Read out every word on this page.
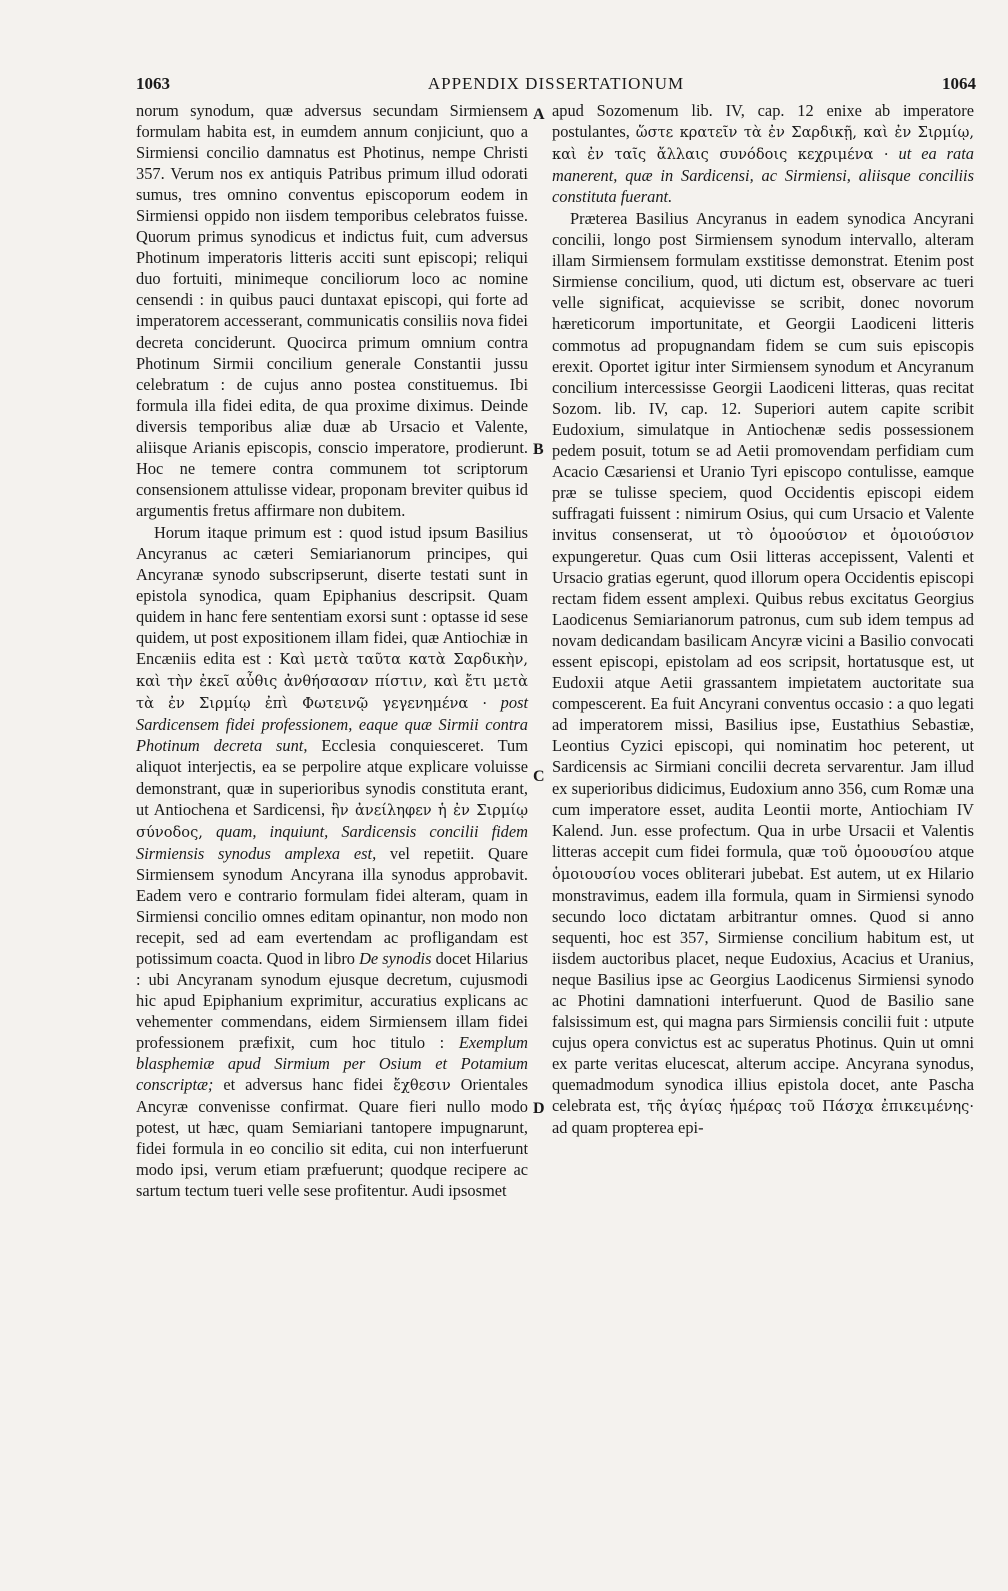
1063	APPENDIX DISSERTATIONUM	1064
A
B
C
D

norum synodum, quæ adversus secundam Sirmiensem formulam habita est, in eumdem annum conjiciunt, quo a Sirmiensi concilio damnatus est Photinus, nempe Christi 357. Verum nos ex antiquis Patribus primum illud odorati sumus, tres omnino conventus episcoporum eodem in Sirmiensi oppido non iisdem temporibus celebratos fuisse. Quorum primus synodicus et indictus fuit, cum adversus Photinum imperatoris litteris acciti sunt episcopi; reliqui duo fortuiti, minimeque conciliorum loco ac nomine censendi : in quibus pauci duntaxat episcopi, qui forte ad imperatorem accesserant, communicatis consiliis nova fidei decreta conciderunt. Quocirca primum omnium contra Photinum Sirmii concilium generale Constantii jussu celebratum : de cujus anno postea constituemus. Ibi formula illa fidei edita, de qua proxime diximus. Deinde diversis temporibus aliæ duæ ab Ursacio et Valente, aliisque Arianis episcopis, conscio imperatore, prodierunt. Hoc ne temere contra communem tot scriptorum consensionem attulisse videar, proponam breviter quibus id argumentis fretus affirmare non dubitem.

Horum itaque primum est : quod istud ipsum Basilius Ancyranus ac cæteri Semiarianorum principes, qui Ancyranæ synodo subscripserunt, diserte testati sunt in epistola synodica, quam Epiphanius descripsit. Quam quidem in hanc fere sententiam exorsi sunt : optasse id sese quidem, ut post expositionem illam fidei, quæ Antiochiæ in Encæniis edita est : Καὶ μετὰ ταῦτα κατὰ Σαρδικὴν, καὶ τὴν ἐκεῖ αὖθις ἀνθήσασαν πίστιν, καὶ ἔτι μετὰ τὰ ἐν Σιρμίῳ ἐπὶ Φωτεινῷ γεγενημένα · post Sardicensem fidei professionem, eaque quæ Sirmii contra Photinum decreta sunt, Ecclesia conquiesceret. Tum aliquot interjectis, ea se perpolire atque explicare voluisse demonstrant, quæ in superioribus synodis constituta erant, ut Antiochena et Sardicensi, ἣν ἀνείληφεν ἡ ἐν Σιρμίῳ σύνοδος, quam, inquiunt, Sardicensis concilii fidem Sirmiensis synodus amplexa est, vel repetiit. Quare Sirmiensem synodum Ancyrana illa synodus approbavit. Eadem vero e contrario formulam fidei alteram, quam in Sirmiensi concilio omnes editam opinantur, non modo non recepit, sed ad eam evertendam ac profligandam est potissimum coacta. Quod in libro De synodis docet Hilarius : ubi Ancyranam synodum ejusque decretum, cujusmodi hic apud Epiphanium exprimitur, accuratius explicans ac vehementer commendans, eidem Sirmiensem illam fidei professionem præfixit, cum hoc titulo : Exemplum blasphemiæ apud Sirmium per Osium et Potamium conscriptæ; et adversus hanc fidei ἔχθεσιν Orientales Ancyræ convenisse confirmat. Quare fieri nullo modo potest, ut hæc, quam Semiariani tantopere impugnarunt, fidei formula in eo concilio sit edita, cui non interfuerunt modo ipsi, verum etiam præfuerunt; quodque recipere ac sartum tectum tueri velle sese profitentur. Audi ipsosmet

apud Sozomenum lib. IV, cap. 12 enixe ab imperatore postulantes, ὥστε κρατεῖν τὰ ἐν Σαρδικῇ, καὶ ἐν Σιρμίῳ, καὶ ἐν ταῖς ἄλλαις συνόδοις κεχριμένα · ut ea rata manerent, quæ in Sardicensi, ac Sirmiensi, aliisque conciliis constituta fuerant.

Præterea Basilius Ancyranus in eadem synodica Ancyrani concilii, longo post Sirmiensem synodum intervallo, alteram illam Sirmiensem formulam exstitisse demonstrat. Etenim post Sirmiense concilium, quod, uti dictum est, observare ac tueri velle significat, acquievisse se scribit, donec novorum hæreticorum importunitate, et Georgii Laodiceni litteris commotus ad propugnandam fidem se cum suis episcopis erexit. Oportet igitur inter Sirmiensem synodum et Ancyranum concilium intercessisse Georgii Laodiceni litteras, quas recitat Sozom. lib. IV, cap. 12. Superiori autem capite scribit Eudoxium, simulatque in Antiochenæ sedis possessionem pedem posuit, totum se ad Aetii promovendam perfidiam cum Acacio Cæsariensi et Uranio Tyri episcopo contulisse, eamque præ se tulisse speciem, quod Occidentis episcopi eidem suffragati fuissent : nimirum Osius, qui cum Ursacio et Valente invitus consenserat, ut τὸ ὁμοούσιον et ὁμοιούσιον expungeretur. Quas cum Osii litteras accepissent, Valenti et Ursacio gratias egerunt, quod illorum opera Occidentis episcopi rectam fidem essent amplexi. Quibus rebus excitatus Georgius Laodicenus Semiarianorum patronus, cum sub idem tempus ad novam dedicandam basilicam Ancyræ vicini a Basilio convocati essent episcopi, epistolam ad eos scripsit, hortatusque est, ut Eudoxii atque Aetii grassantem impietatem auctoritate sua compescerent. Ea fuit Ancyrani conventus occasio : a quo legati ad imperatorem missi, Basilius ipse, Eustathius Sebastiæ, Leontius Cyzici episcopi, qui nominatim hoc peterent, ut Sardicensis ac Sirmiani concilii decreta servarentur. Jam illud ex superioribus didicimus, Eudoxium anno 356, cum Romæ una cum imperatore esset, audita Leontii morte, Antiochiam IV Kalend. Jun. esse profectum. Qua in urbe Ursacii et Valentis litteras accepit cum fidei formula, quæ τοῦ ὁμοουσίου atque ὁμοιουσίου voces obliterari jubebat. Est autem, ut ex Hilario monstravimus, eadem illa formula, quam in Sirmiensi synodo secundo loco dictatam arbitrantur omnes. Quod si anno sequenti, hoc est 357, Sirmiense concilium habitum est, ut iisdem auctoribus placet, neque Eudoxius, Acacius et Uranius, neque Basilius ipse ac Georgius Laodicenus Sirmiensi synodo ac Photini damnationi interfuerunt. Quod de Basilio sane falsissimum est, qui magna pars Sirmiensis concilii fuit : utpute cujus opera convictus est ac superatus Photinus. Quin ut omni ex parte veritas elucescat, alterum accipe. Ancyrana synodus, quemadmodum synodica illius epistola docet, ante Pascha celebrata est, τῆς ἁγίας ἡμέρας τοῦ Πάσχα ἐπικειμένης· ad quam propterea epi-
